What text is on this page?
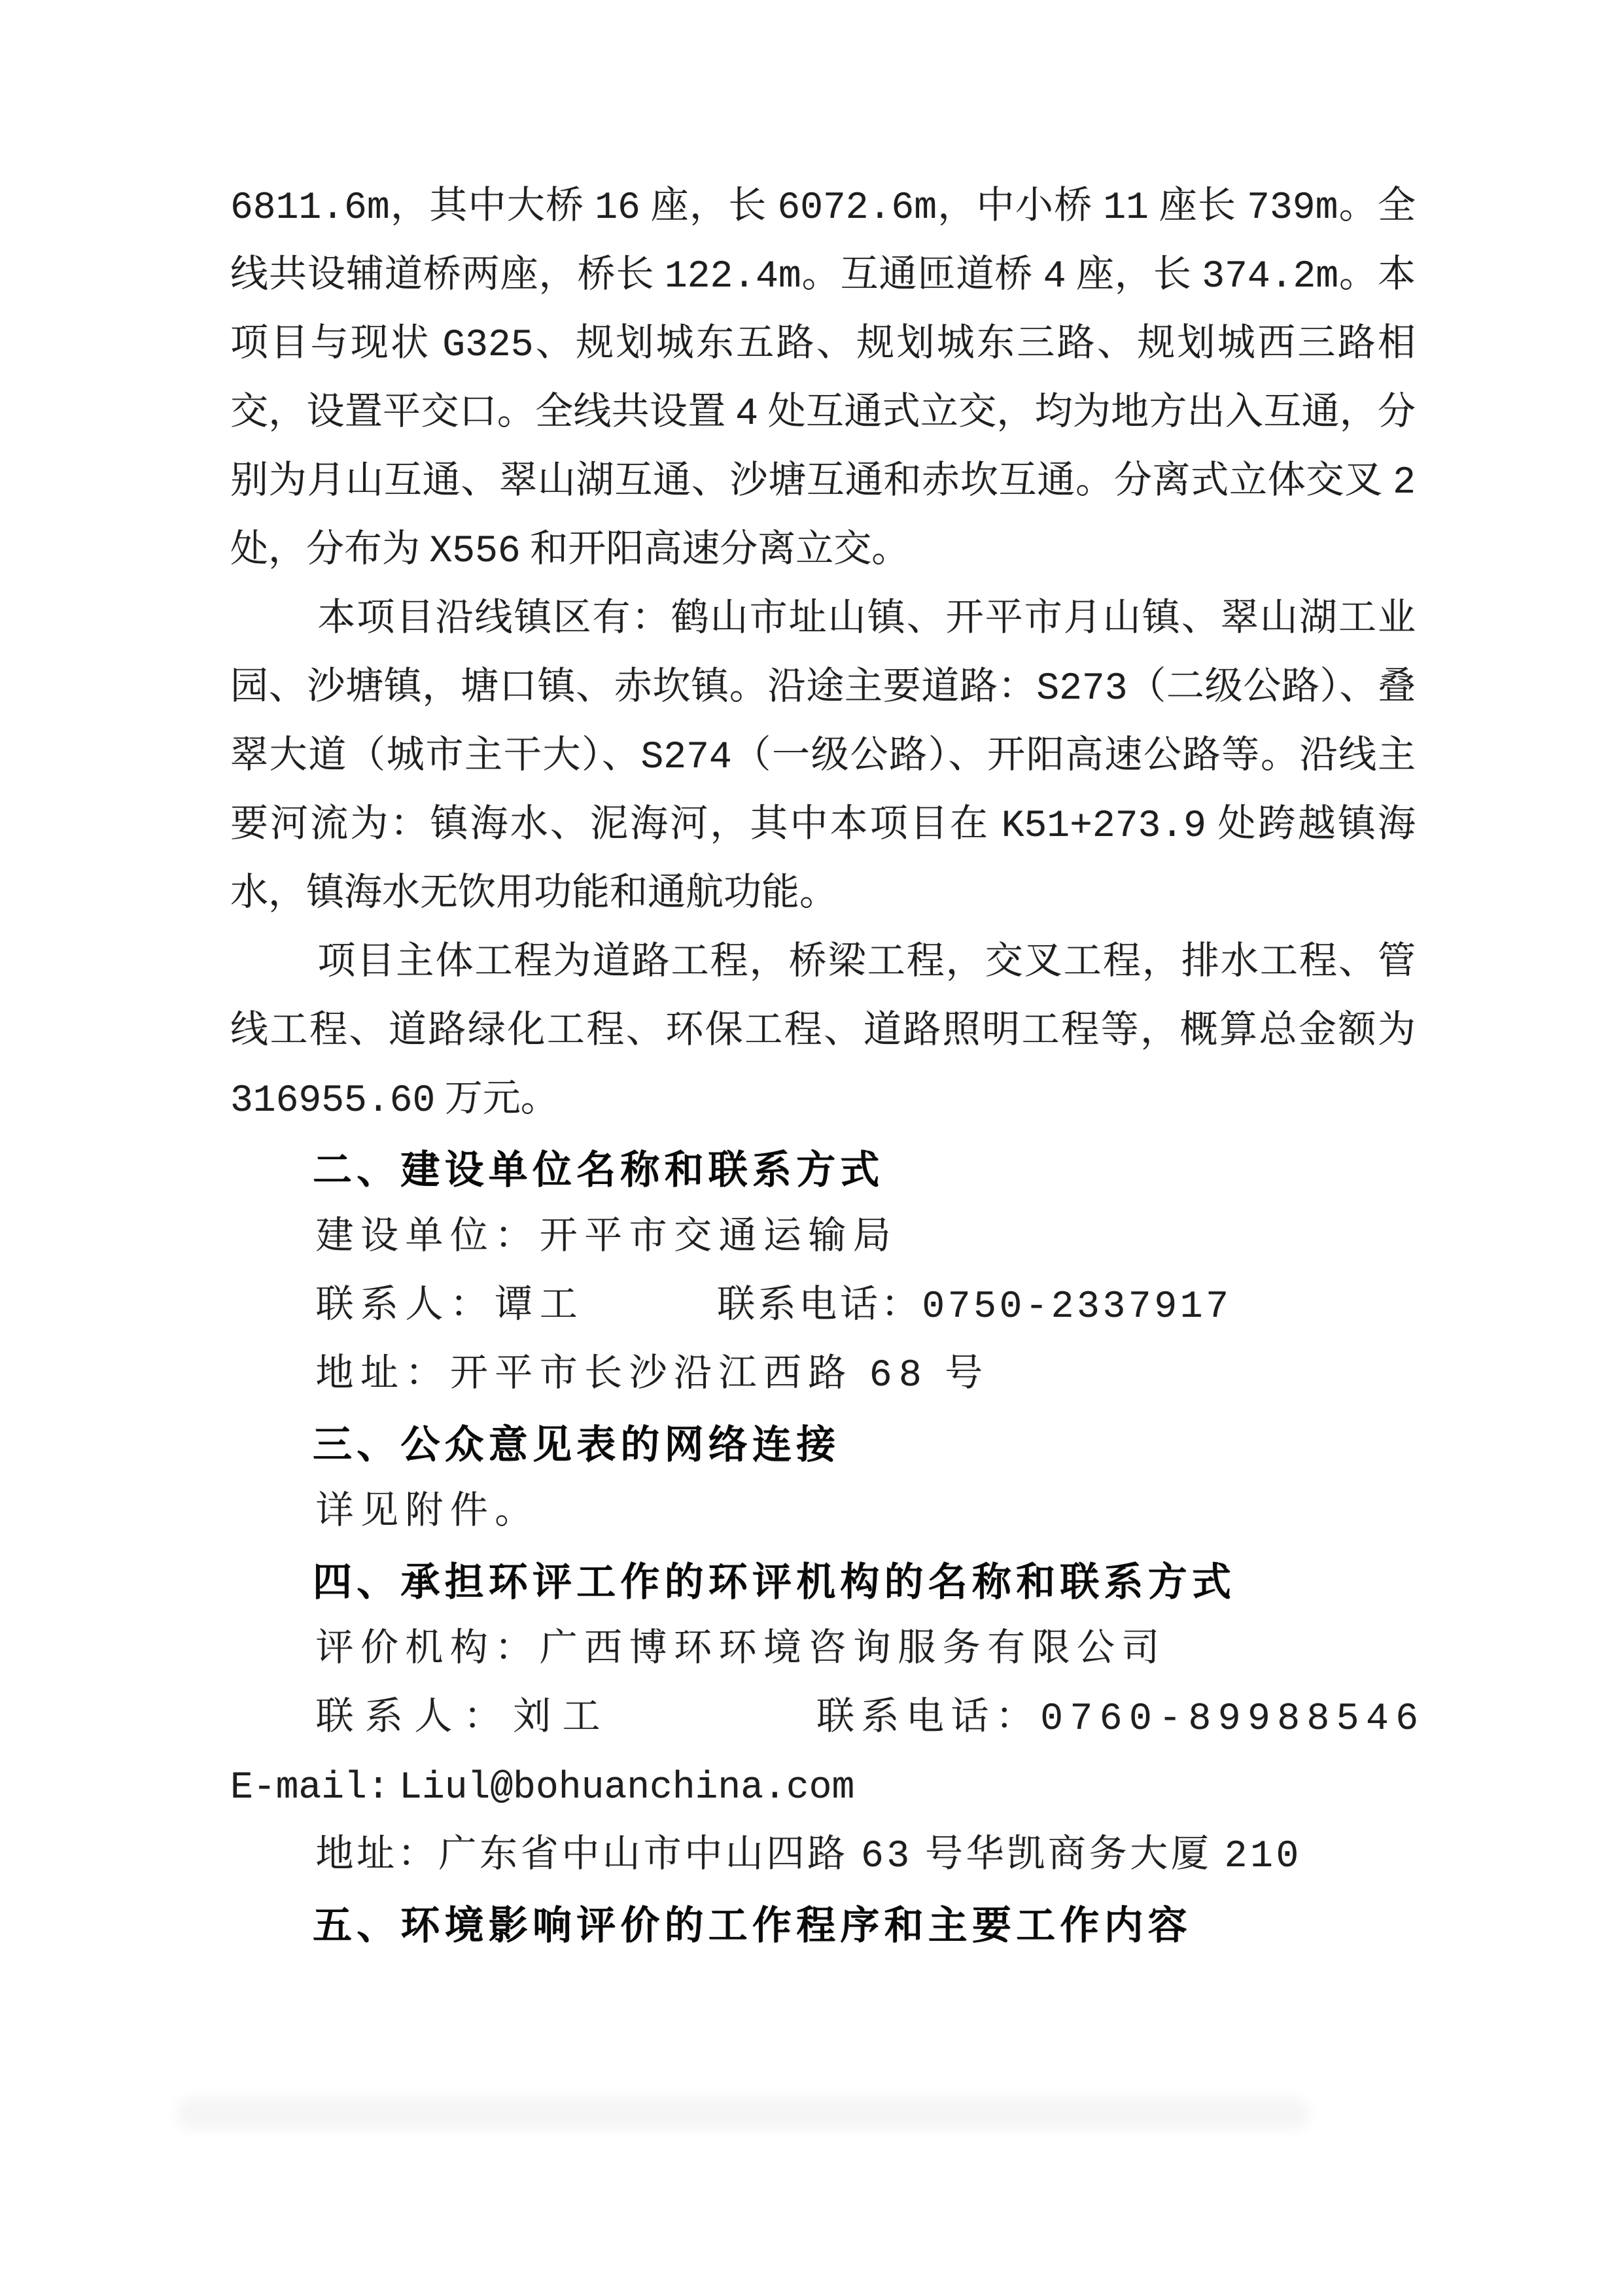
6811.6m，其中大桥 16 座，长 6072.6m，中小桥 11 座长 739m。全线共设辅道桥两座，桥长 122.4m。互通匝道桥 4 座，长 374.2m。本项目与现状 G325、规划城东五路、规划城东三路、规划城西三路相交，设置平交口。全线共设置 4 处互通式立交，均为地方出入互通，分别为月山互通、翠山湖互通、沙塘互通和赤坎互通。分离式立体交叉 2 处，分布为 X556 和开阳高速分离立交。

本项目沿线镇区有：鹤山市址山镇、开平市月山镇、翠山湖工业园、沙塘镇，塘口镇、赤坎镇。沿途主要道路：S273（二级公路）、叠翠大道（城市主干大）、S274（一级公路）、开阳高速公路等。沿线主要河流为：镇海水、泥海河，其中本项目在 K51+273.9 处跨越镇海水，镇海水无饮用功能和通航功能。

项目主体工程为道路工程，桥梁工程，交叉工程，排水工程、管线工程、道路绿化工程、环保工程、道路照明工程等，概算总金额为 316955.60 万元。

二、建设单位名称和联系方式

建设单位：开平市交通运输局

联系人：谭工	联系电话：0750-2337917

地址：开平市长沙沿江西路 68 号

三、公众意见表的网络连接

详见附件。

四、承担环评工作的环评机构的名称和联系方式

评价机构：广西博环环境咨询服务有限公司

联系人：刘工	联系电话：0760-89988546

E-mail: Liul@bohuanchina.com

地址：广东省中山市中山四路 63 号华凯商务大厦 210

五、环境影响评价的工作程序和主要工作内容
